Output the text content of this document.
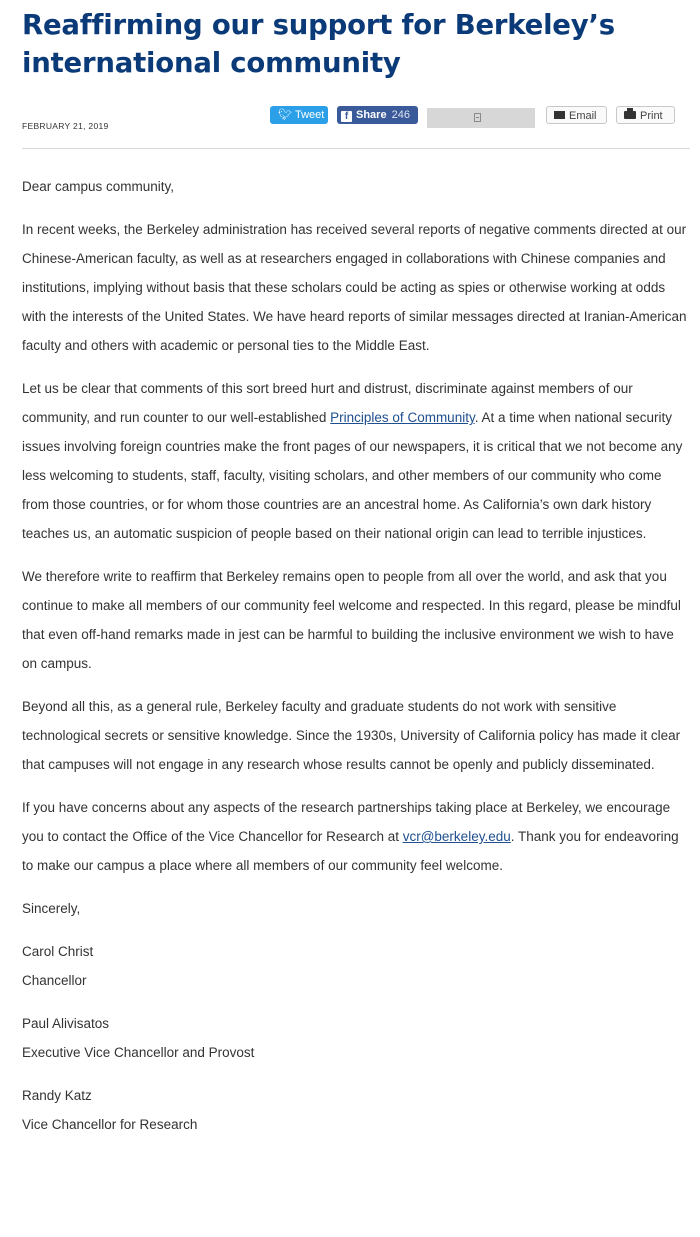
Reaffirming our support for Berkeley’s international community
FEBRUARY 21, 2019
🐦︎ Tweet	f Share 246	Email	Print

Dear campus community,

In recent weeks, the Berkeley administration has received several reports of negative comments directed at our Chinese-American faculty, as well as at researchers engaged in collaborations with Chinese companies and institutions, implying without basis that these scholars could be acting as spies or otherwise working at odds with the interests of the United States. We have heard reports of similar messages directed at Iranian-American faculty and others with academic or personal ties to the Middle East.

Let us be clear that comments of this sort breed hurt and distrust, discriminate against members of our community, and run counter to our well-established Principles of Community. At a time when national security issues involving foreign countries make the front pages of our newspapers, it is critical that we not become any less welcoming to students, staff, faculty, visiting scholars, and other members of our community who come from those countries, or for whom those countries are an ancestral home. As California’s own dark history teaches us, an automatic suspicion of people based on their national origin can lead to terrible injustices.

We therefore write to reaffirm that Berkeley remains open to people from all over the world, and ask that you continue to make all members of our community feel welcome and respected. In this regard, please be mindful that even off-hand remarks made in jest can be harmful to building the inclusive environment we wish to have on campus.

Beyond all this, as a general rule, Berkeley faculty and graduate students do not work with sensitive technological secrets or sensitive knowledge. Since the 1930s, University of California policy has made it clear that campuses will not engage in any research whose results cannot be openly and publicly disseminated.

If you have concerns about any aspects of the research partnerships taking place at Berkeley, we encourage you to contact the Office of the Vice Chancellor for Research at vcr@berkeley.edu. Thank you for endeavoring to make our campus a place where all members of our community feel welcome.

Sincerely,

Carol Christ
Chancellor

Paul Alivisatos
Executive Vice Chancellor and Provost

Randy Katz
Vice Chancellor for Research
